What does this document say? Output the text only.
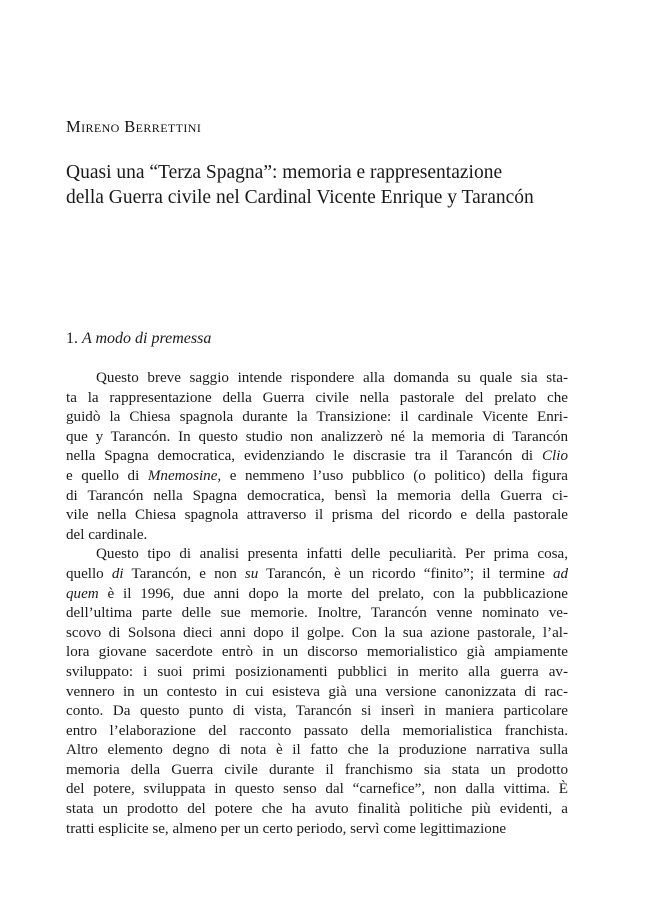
Mireno Berrettini
Quasi una “Terza Spagna”: memoria e rappresentazione
della Guerra civile nel Cardinal Vicente Enrique y Tarancón
1. A modo di premessa
Questo breve saggio intende rispondere alla domanda su quale sia sta-
ta la rappresentazione della Guerra civile nella pastorale del prelato che
guidò la Chiesa spagnola durante la Transizione: il cardinale Vicente Enri-
que y Tarancón. In questo studio non analizzerò né la memoria di Tarancón
nella Spagna democratica, evidenziando le discrasie tra il Tarancón di Clio
e quello di Mnemosine, e nemmeno l’uso pubblico (o politico) della figura
di Tarancón nella Spagna democratica, bensì la memoria della Guerra ci-
vile nella Chiesa spagnola attraverso il prisma del ricordo e della pastorale
del cardinale.
Questo tipo di analisi presenta infatti delle peculiarità. Per prima cosa,
quello di Tarancón, e non su Tarancón, è un ricordo “finito”; il termine ad
quem è il 1996, due anni dopo la morte del prelato, con la pubblicazione
dell’ultima parte delle sue memorie. Inoltre, Tarancón venne nominato ve-
scovo di Solsona dieci anni dopo il golpe. Con la sua azione pastorale, l’al-
lora giovane sacerdote entrò in un discorso memorialistico già ampiamente
sviluppato: i suoi primi posizionamenti pubblici in merito alla guerra av-
vennero in un contesto in cui esisteva già una versione canonizzata di rac-
conto. Da questo punto di vista, Tarancón si inserì in maniera particolare
entro l’elaborazione del racconto passato della memorialistica franchista.
Altro elemento degno di nota è il fatto che la produzione narrativa sulla
memoria della Guerra civile durante il franchismo sia stata un prodotto
del potere, sviluppata in questo senso dal “carnefice”, non dalla vittima. È
stata un prodotto del potere che ha avuto finalità politiche più evidenti, a
tratti esplicite se, almeno per un certo periodo, servì come legittimazione
